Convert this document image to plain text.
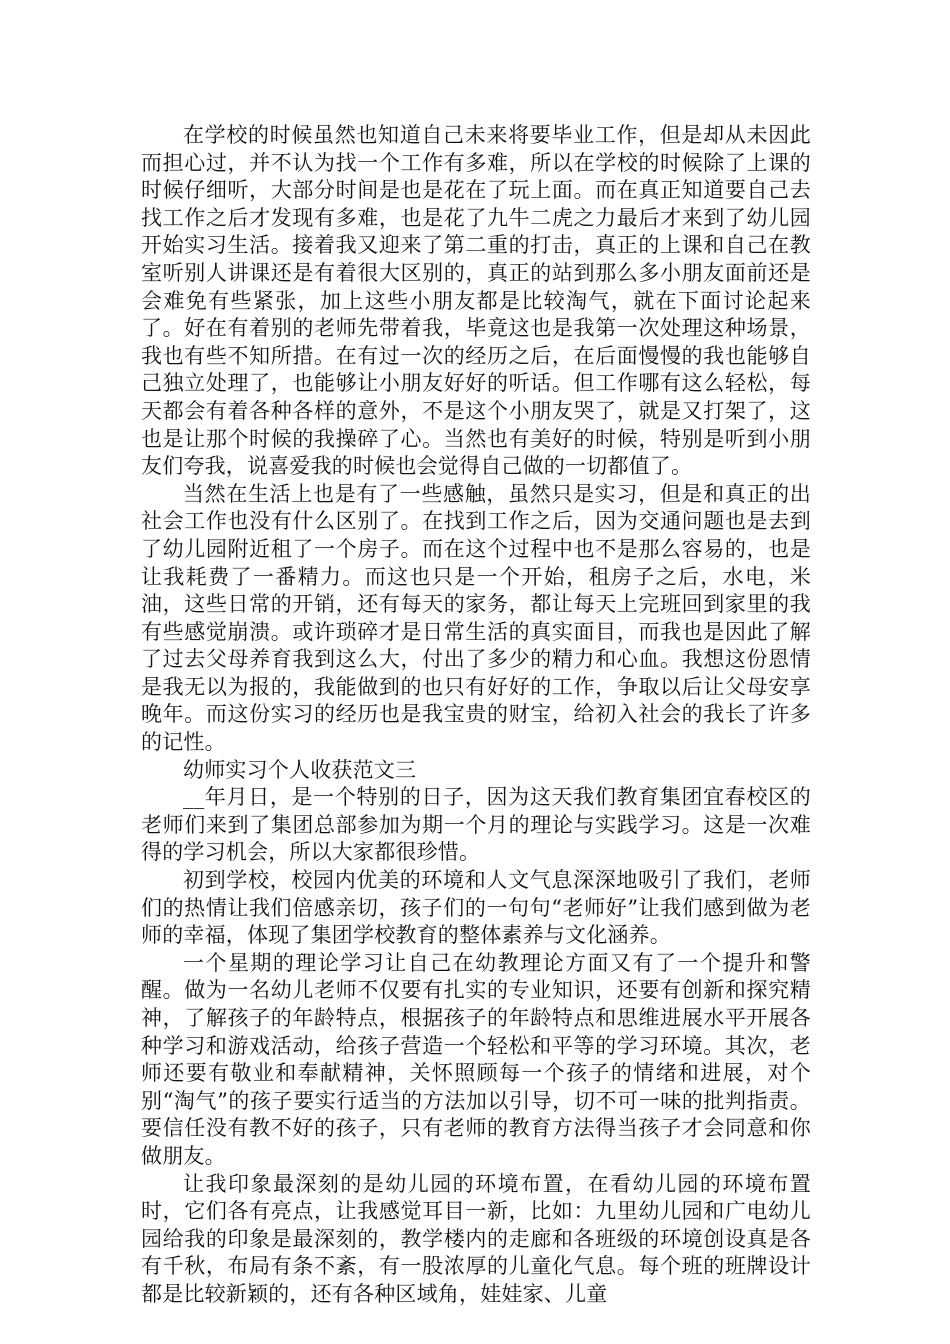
在学校的时候虽然也知道自己未来将要毕业工作，但是却从未因此而担心过，并不认为找一个工作有多难，所以在学校的时候除了上课的时候仔细听，大部分时间是也是花在了玩上面。而在真正知道要自己去找工作之后才发现有多难，也是花了九牛二虎之力最后才来到了幼儿园开始实习生活。接着我又迎来了第二重的打击，真正的上课和自己在教室听别人讲课还是有着很大区别的，真正的站到那么多小朋友面前还是会难免有些紧张，加上这些小朋友都是比较淘气，就在下面讨论起来了。好在有着别的老师先带着我，毕竟这也是我第一次处理这种场景，我也有些不知所措。在有过一次的经历之后，在后面慢慢的我也能够自己独立处理了，也能够让小朋友好好的听话。但工作哪有这么轻松，每天都会有着各种各样的意外，不是这个小朋友哭了，就是又打架了，这也是让那个时候的我操碎了心。当然也有美好的时候，特别是听到小朋友们夸我，说喜爱我的时候也会觉得自己做的一切都值了。

当然在生活上也是有了一些感触，虽然只是实习，但是和真正的出社会工作也没有什么区别了。在找到工作之后，因为交通问题也是去到了幼儿园附近租了一个房子。而在这个过程中也不是那么容易的，也是让我耗费了一番精力。而这也只是一个开始，租房子之后，水电，米油，这些日常的开销，还有每天的家务，都让每天上完班回到家里的我有些感觉崩溃。或许琐碎才是日常生活的真实面目，而我也是因此了解了过去父母养育我到这么大，付出了多少的精力和心血。我想这份恩情是我无以为报的，我能做到的也只有好好的工作，争取以后让父母安享晚年。而这份实习的经历也是我宝贵的财宝，给初入社会的我长了许多的记性。

幼师实习个人收获范文三

__年月日，是一个特别的日子，因为这天我们教育集团宜春校区的老师们来到了集团总部参加为期一个月的理论与实践学习。这是一次难得的学习机会，所以大家都很珍惜。

初到学校，校园内优美的环境和人文气息深深地吸引了我们，老师们的热情让我们倍感亲切，孩子们的一句句“老师好”让我们感到做为老师的幸福，体现了集团学校教育的整体素养与文化涵养。

一个星期的理论学习让自己在幼教理论方面又有了一个提升和警醒。做为一名幼儿老师不仅要有扎实的专业知识，还要有创新和探究精神，了解孩子的年龄特点，根据孩子的年龄特点和思维进展水平开展各种学习和游戏活动，给孩子营造一个轻松和平等的学习环境。其次，老师还要有敬业和奉献精神，关怀照顾每一个孩子的情绪和进展，对个别“淘气”的孩子要实行适当的方法加以引导，切不可一味的批判指责。要信任没有教不好的孩子，只有老师的教育方法得当孩子才会同意和你做朋友。

让我印象最深刻的是幼儿园的环境布置，在看幼儿园的环境布置时，它们各有亮点，让我感觉耳目一新，比如：九里幼儿园和广电幼儿园给我的印象是最深刻的，教学楼内的走廊和各班级的环境创设真是各有千秋，布局有条不紊，有一股浓厚的儿童化气息。每个班的班牌设计都是比较新颖的，还有各种区域角，娃娃家、儿童
